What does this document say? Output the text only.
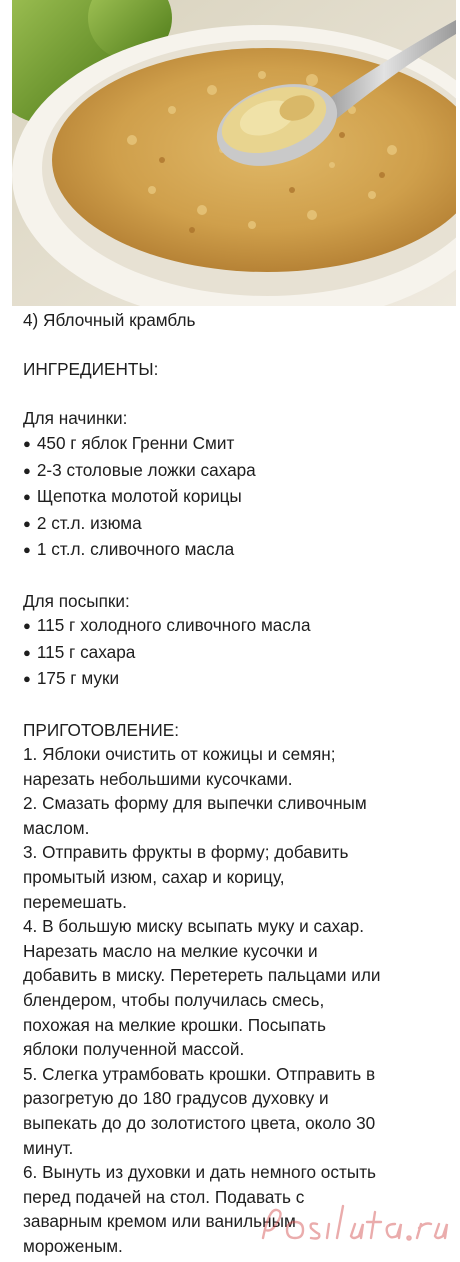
4) Яблочный крамбль
ИНГРЕДИЕНТЫ:
Для начинки:
● 450 г яблок Гренни Смит
● 2-3 столовые ложки сахара
● Щепотка молотой корицы
● 2 ст.л. изюма
● 1 ст.л. сливочного масла
Для посыпки:
● 115 г холодного сливочного масла
● 115 г сахара
● 175 г муки
ПРИГОТОВЛЕНИЕ:
1. Яблоки очистить от кожицы и семян;
нарезать небольшими кусочками.
2. Смазать форму для выпечки сливочным
маслом.
3. Отправить фрукты в форму; добавить
промытый изюм, сахар и корицу,
перемешать.
4. В большую миску всыпать муку и сахар.
Нарезать масло на мелкие кусочки и
добавить в миску. Перетереть пальцами или
блендером, чтобы получилась смесь,
похожая на мелкие крошки. Посыпать
яблоки полученной массой.
5. Слегка утрамбовать крошки. Отправить в
разогретую до 180 градусов духовку и
выпекать до до золотистого цвета, около 30
минут.
6. Вынуть из духовки и дать немного остыть
перед подачей на стол. Подавать с
заварным кремом или ванильным
мороженым.
